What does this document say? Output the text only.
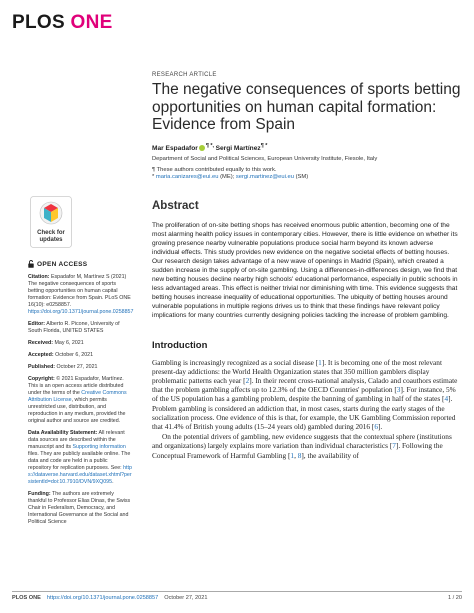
PLOS ONE
Check for
updates
OPEN ACCESS
Citation: Espadafor M, Martínez S (2021) The negative consequences of sports betting opportunities on human capital formation: Evidence from Spain. PLoS ONE 16(10): e0258857. https://doi.org/10.1371/journal.pone.0258857
Editor: Alberto R. Picone, University of South Florida, UNITED STATES
Received: May 6, 2021
Accepted: October 6, 2021
Published: October 27, 2021
Copyright: © 2021 Espadafor, Martínez. This is an open access article distributed under the terms of the Creative Commons Attribution License, which permits unrestricted use, distribution, and reproduction in any medium, provided the original author and source are credited.
Data Availability Statement: All relevant data sources are described within the manuscript and its Supporting information files. They are publicly available online. The data and code are held in a public repository for replication purposes. See: https://dataverse.harvard.edu/dataset.xhtml?persistentId=doi:10.7910/DVN/9XQ095.
Funding: The authors are extremely thankful to Professor Elias Dinas, the Swiss Chair in Federalism, Democracy, and International Governance at the Social and Political Science
RESEARCH ARTICLE
The negative consequences of sports betting opportunities on human capital formation: Evidence from Spain
Mar Espadafor ¶ *, Sergi Martínez¶ *
Department of Social and Political Sciences, European University Institute, Fiesole, Italy
¶ These authors contributed equally to this work.
* maria.canizares@eui.eu (ME); sergi.martinez@eui.eu (SM)
Abstract

The proliferation of on-site betting shops has received enormous public attention, becoming one of the most alarming health policy issues in contemporary cities. However, there is little evidence on whether its growing presence nearby vulnerable populations produce social harm beyond its known adverse individual effects. This study provides new evidence on the negative societal effects of betting houses. Our research design takes advantage of a new wave of openings in Madrid (Spain), which created a sudden increase in the supply of on-site gambling. Using a differences-in-differences design, we find that new betting houses decline nearby high schools' educational performance, especially in public schools in less advantaged areas. This effect is neither trivial nor diminishing with time. This evidence suggests that betting houses increase inequality of educational opportunities. The ubiquity of betting houses around vulnerable populations in multiple regions drives us to think that these findings have relevant policy implications for many countries currently designing policies tackling the increase of problem gambling.

Introduction

Gambling is increasingly recognized as a social disease [1]. It is becoming one of the most relevant present-day addictions: the World Health Organization states that 350 million gamblers display problematic patterns each year [2]. In their recent cross-national analysis, Calado and coauthors estimate that the problem gambling affects up to 12.3% of the OECD Countries' population [3]. For instance, 5% of the US population has a gambling problem, despite the banning of gambling in half of the states [4]. Problem gambling is considered an addiction that, in most cases, starts during the early stages of the socialization process. One evidence of this is that, for example, the UK Gambling Commission reported that 41.4% of British young adults (15–24 years old) gambled during 2016 [6].

On the potential drivers of gambling, new evidence suggests that the contextual sphere (institutions and organizations) largely explains more variation than individual characteristics [7]. Following the Conceptual Framework of Harmful Gambling [1, 8], the availability of

PLOS ONE https://doi.org/10.1371/journal.pone.0258857 October 27, 2021	1 / 20
